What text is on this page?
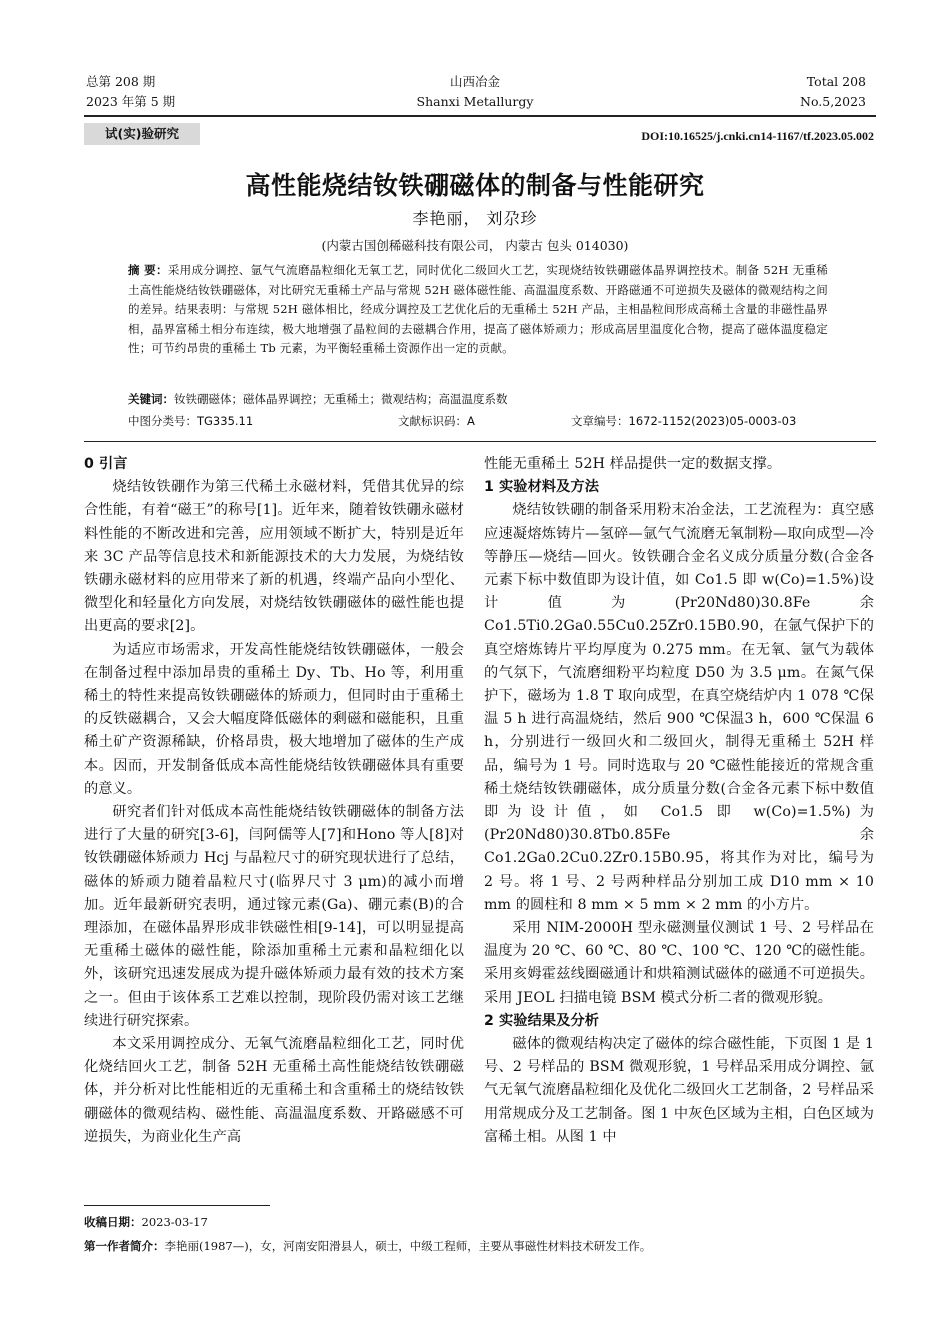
总第 208 期
2023 年第 5 期
山西冶金
Shanxi Metallurgy
Total 208
No.5,2023
试(实)验研究	DOI:10.16525/j.cnki.cn14-1167/tf.2023.05.002
高性能烧结钕铁硼磁体的制备与性能研究
李艳丽， 刘尕珍
(内蒙古国创稀磁科技有限公司， 内蒙古 包头 014030)
摘 要：采用成分调控、氩气气流磨晶粒细化无氧工艺，同时优化二级回火工艺，实现烧结钕铁硼磁体晶界调控技术。制备 52H 无重稀土高性能烧结钕铁硼磁体，对比研究无重稀土产品与常规 52H 磁体磁性能、高温温度系数、开路磁通不可逆损失及磁体的微观结构之间的差异。结果表明：与常规 52H 磁体相比，经成分调控及工艺优化后的无重稀土 52H 产品，主相晶粒间形成高稀土含量的非磁性晶界相，晶界富稀土相分布连续，极大地增强了晶粒间的去磁耦合作用，提高了磁体矫顽力；形成高居里温度化合物，提高了磁体温度稳定性；可节约昂贵的重稀土 Tb 元素，为平衡轻重稀土资源作出一定的贡献。
关键词：钕铁硼磁体；磁体晶界调控；无重稀土；微观结构；高温温度系数
中图分类号：TG335.11	文献标识码：A	文章编号：1672-1152(2023)05-0003-03
0 引言

烧结钕铁硼作为第三代稀土永磁材料，凭借其优异的综合性能，有着“磁王”的称号[1]。近年来，随着钕铁硼永磁材料性能的不断改进和完善，应用领域不断扩大，特别是近年来 3C 产品等信息技术和新能源技术的大力发展，为烧结钕铁硼永磁材料的应用带来了新的机遇，终端产品向小型化、微型化和轻量化方向发展，对烧结钕铁硼磁体的磁性能也提出更高的要求[2]。

为适应市场需求，开发高性能烧结钕铁硼磁体，一般会在制备过程中添加昂贵的重稀土 Dy、Tb、Ho 等，利用重稀土的特性来提高钕铁硼磁体的矫顽力，但同时由于重稀土的反铁磁耦合，又会大幅度降低磁体的剩磁和磁能积，且重稀土矿产资源稀缺，价格昂贵，极大地增加了磁体的生产成本。因而，开发制备低成本高性能烧结钕铁硼磁体具有重要的意义。

研究者们针对低成本高性能烧结钕铁硼磁体的制备方法进行了大量的研究[3-6]，闫阿儒等人[7]和Hono 等人[8]对钕铁硼磁体矫顽力 Hcj 与晶粒尺寸的研究现状进行了总结，磁体的矫顽力随着晶粒尺寸(临界尺寸 3 μm)的减小而增加。近年最新研究表明，通过镓元素(Ga)、硼元素(B)的合理添加，在磁体晶界形成非铁磁性相[9-14]，可以明显提高无重稀土磁体的磁性能，除添加重稀土元素和晶粒细化以外，该研究迅速发展成为提升磁体矫顽力最有效的技术方案之一。但由于该体系工艺难以控制，现阶段仍需对该工艺继续进行研究探索。

本文采用调控成分、无氧气流磨晶粒细化工艺，同时优化烧结回火工艺，制备 52H 无重稀土高性能烧结钕铁硼磁体，并分析对比性能相近的无重稀土和含重稀土的烧结钕铁硼磁体的微观结构、磁性能、高温温度系数、开路磁感不可逆损失，为商业化生产高

性能无重稀土 52H 样品提供一定的数据支撑。

1 实验材料及方法

烧结钕铁硼的制备采用粉末冶金法，工艺流程为：真空感应速凝熔炼铸片—氢碎—氩气气流磨无氧制粉—取向成型—冷等静压—烧结—回火。钕铁硼合金名义成分质量分数(合金各元素下标中数值即为设计值，如 Co1.5 即 w(Co)=1.5%)设计值为(Pr20Nd80)30.8Fe余Co1.5Ti0.2Ga0.55Cu0.25Zr0.15B0.90，在氩气保护下的真空熔炼铸片平均厚度为 0.275 mm。在无氧、氩气为载体的气氛下，气流磨细粉平均粒度 D50 为 3.5 μm。在氮气保护下，磁场为 1.8 T 取向成型，在真空烧结炉内 1 078 ℃保温 5 h 进行高温烧结，然后 900 ℃保温3 h，600 ℃保温 6 h，分别进行一级回火和二级回火，制得无重稀土 52H 样品，编号为 1 号。同时选取与 20 ℃磁性能接近的常规含重稀土烧结钕铁硼磁体，成分质量分数(合金各元素下标中数值即为设计值，如 Co1.5 即 w(Co)=1.5%)为(Pr20Nd80)30.8Tb0.85Fe余Co1.2Ga0.2Cu0.2Zr0.15B0.95，将其作为对比，编号为 2 号。将 1 号、2 号两种样品分别加工成 D10 mm × 10 mm 的圆柱和 8 mm × 5 mm × 2 mm 的小方片。

采用 NIM-2000H 型永磁测量仪测试 1 号、2 号样品在温度为 20 ℃、60 ℃、80 ℃、100 ℃、120 ℃的磁性能。采用亥姆霍兹线圈磁通计和烘箱测试磁体的磁通不可逆损失。采用 JEOL 扫描电镜 BSM 模式分析二者的微观形貌。

2 实验结果及分析

磁体的微观结构决定了磁体的综合磁性能，下页图 1 是 1 号、2 号样品的 BSM 微观形貌，1 号样品采用成分调控、氩气无氧气流磨晶粒细化及优化二级回火工艺制备，2 号样品采用常规成分及工艺制备。图 1 中灰色区域为主相，白色区域为富稀土相。从图 1 中

收稿日期：2023-03-17
第一作者简介：李艳丽(1987—)，女，河南安阳滑县人，硕士，中级工程师，主要从事磁性材料技术研发工作。
